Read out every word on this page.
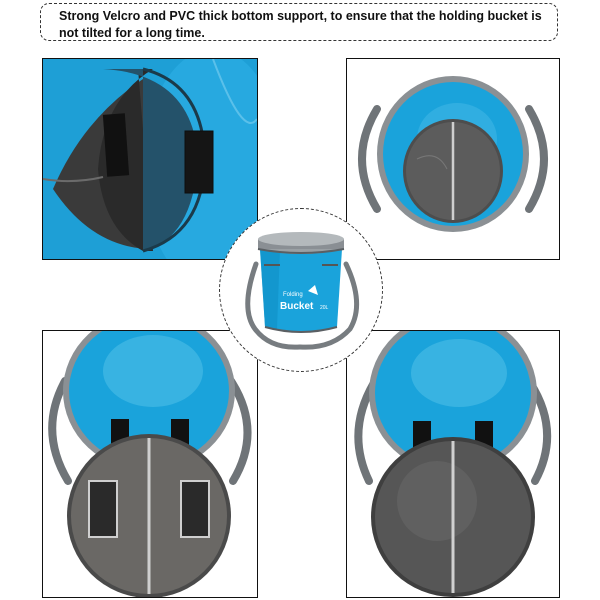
Strong Velcro and PVC thick bottom support, to ensure that the holding bucket is not tilted for a long time.
Folding
Bucket 20L
